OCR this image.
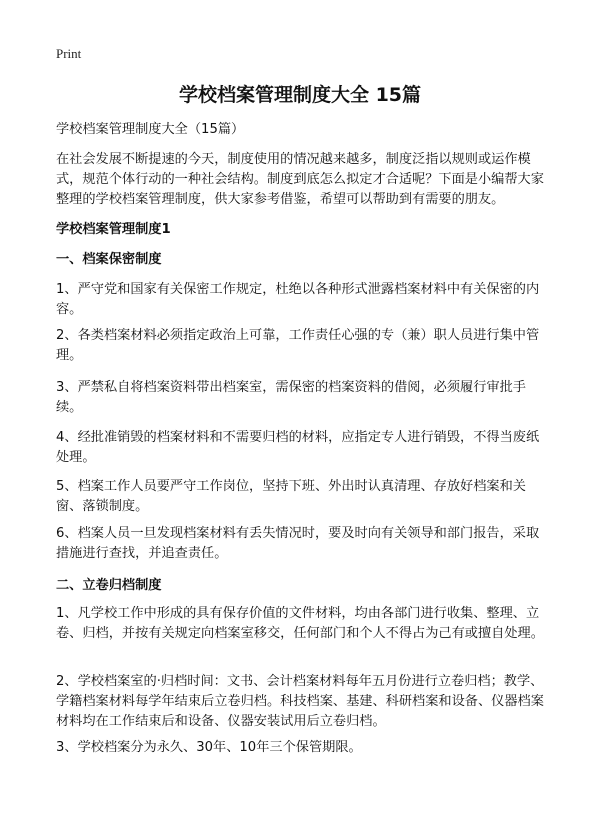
Print
学校档案管理制度大全 15篇

学校档案管理制度大全（15篇）

在社会发展不断提速的今天，制度使用的情况越来越多，制度泛指以规则或运作模式，规范个体行动的一种社会结构。制度到底怎么拟定才合适呢？下面是小编帮大家整理的学校档案管理制度，供大家参考借鉴，希望可以帮助到有需要的朋友。

学校档案管理制度1

一、档案保密制度

1、严守党和国家有关保密工作规定，杜绝以各种形式泄露档案材料中有关保密的内容。

2、各类档案材料必须指定政治上可靠，工作责任心强的专（兼）职人员进行集中管理。

3、严禁私自将档案资料带出档案室，需保密的档案资料的借阅，必须履行审批手续。

4、经批准销毁的档案材料和不需要归档的材料，应指定专人进行销毁，不得当废纸处理。

5、档案工作人员要严守工作岗位，坚持下班、外出时认真清理、存放好档案和关窗、落锁制度。

6、档案人员一旦发现档案材料有丢失情况时，要及时向有关领导和部门报告，采取措施进行查找，并追查责任。

二、立卷归档制度

1、凡学校工作中形成的具有保存价值的文件材料，均由各部门进行收集、整理、立卷、归档，并按有关规定向档案室移交，任何部门和个人不得占为己有或擅自处理。

2、学校档案室的·归档时间：文书、会计档案材料每年五月份进行立卷归档；教学、学籍档案材料每学年结束后立卷归档。科技档案、基建、科研档案和设备、仪器档案材料均在工作结束后和设备、仪器安装试用后立卷归档。

3、学校档案分为永久、30年、10年三个保管期限。
